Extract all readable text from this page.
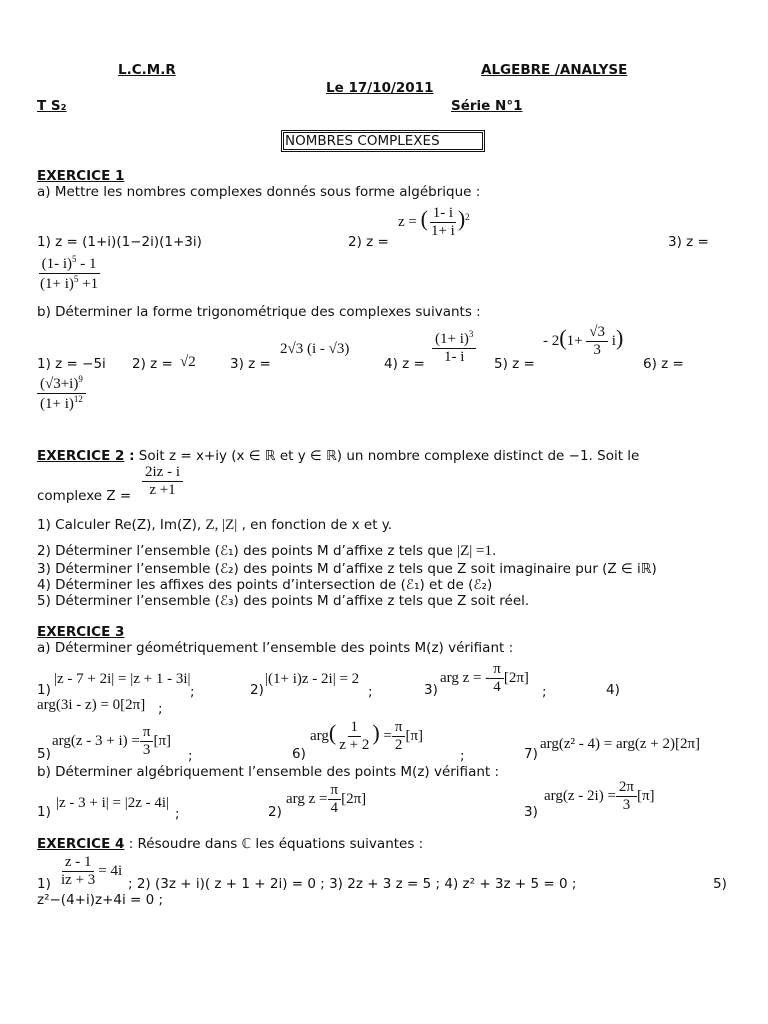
L.C.M.R	ALGEBRE /ANALYSE
Le 17/10/2011
T S₂	Série N°1
NOMBRES COMPLEXES
EXERCICE 1
a) Mettre les nombres complexes donnés sous forme algébrique :
1) z = (1+i)(1−2i)(1+3i)	2) z =
z = ( $\frac{1- i}{1+ i} )^2$
3) z =
$\frac{(1- i)^5 - 1}{(1+ i)^5 +1}$
b) Déterminer la forme trigonométrique des complexes suivants :
1) z = −5i 2) z = √2	3) z =
2√3 (i - √3)
4) $z = \frac{(1+ i)^3}{1- i} 5$) z =
- $2(1+ \frac{√3}{3} i)$
6) z =
$\frac{(√3+i)^9}{(1+ i)^{12}}$
EXERCICE 2 : Soit z = x+iy (x ∈ ℝ et y ∈ ℝ) un nombre complexe distinct de −1. Soit le
complexe $Z = \frac{2iz - i}{z +1}$
1) Calculer Re(Z), Im(Z), Z, |Z| , en fonction de x et y.
2) Déterminer l’ensemble (ℰ₁) des points M d’affixe z tels que |Z| =1.
3) Déterminer l’ensemble (ℰ₂) des points M d’affixe z tels que Z soit imaginaire pur (Z ∈ iℝ)
4) Déterminer les affixes des points d’intersection de (ℰ₁) et de (ℰ₂)
5) Déterminer l’ensemble (ℰ₃) des points M d’affixe z tels que Z soit réel.
EXERCICE 3
a) Déterminer géométriquement l’ensemble des points M(z) vérifiant :
1)
|z - 7 + 2i| = |z + 1 - 3i|
;	2)
|(1+ i)z - 2i| = 2
;	3)
arg z = - $\frac{\pi}{4} [2\pi]$
;	4)
arg(3i - z) = 0[2π] ;
5)
$arg(z - 3 + i) = \frac{\pi}{3} [\pi]$
;	6)
$arg( \frac{1}{z + 2}$ ) = $\frac{\pi}{2} [\pi]$
;	7)
arg(z² - 4) = arg(z + 2)[2π]
b) Déterminer algébriquement l’ensemble des points M(z) vérifiant :
1)
|z - 3 + i| = |2z - 4i|
;	2)
arg $z = \frac{\pi}{4} [2\pi]$
3)
$arg(z - 2i) = \frac{2\pi}{3} [\pi]$
EXERCICE 4 : Résoudre dans ℂ les équations suivantes :
$1) \frac{z - 1}{iz + 3} = 4i$
; 2) (3z + i)( z + 1 + 2i) = 0 ; 3) 2z + 3 z = 5 ; 4) z² + 3z + 5 = 0 ;	5)
z²−(4+i)z+4i = 0 ;
